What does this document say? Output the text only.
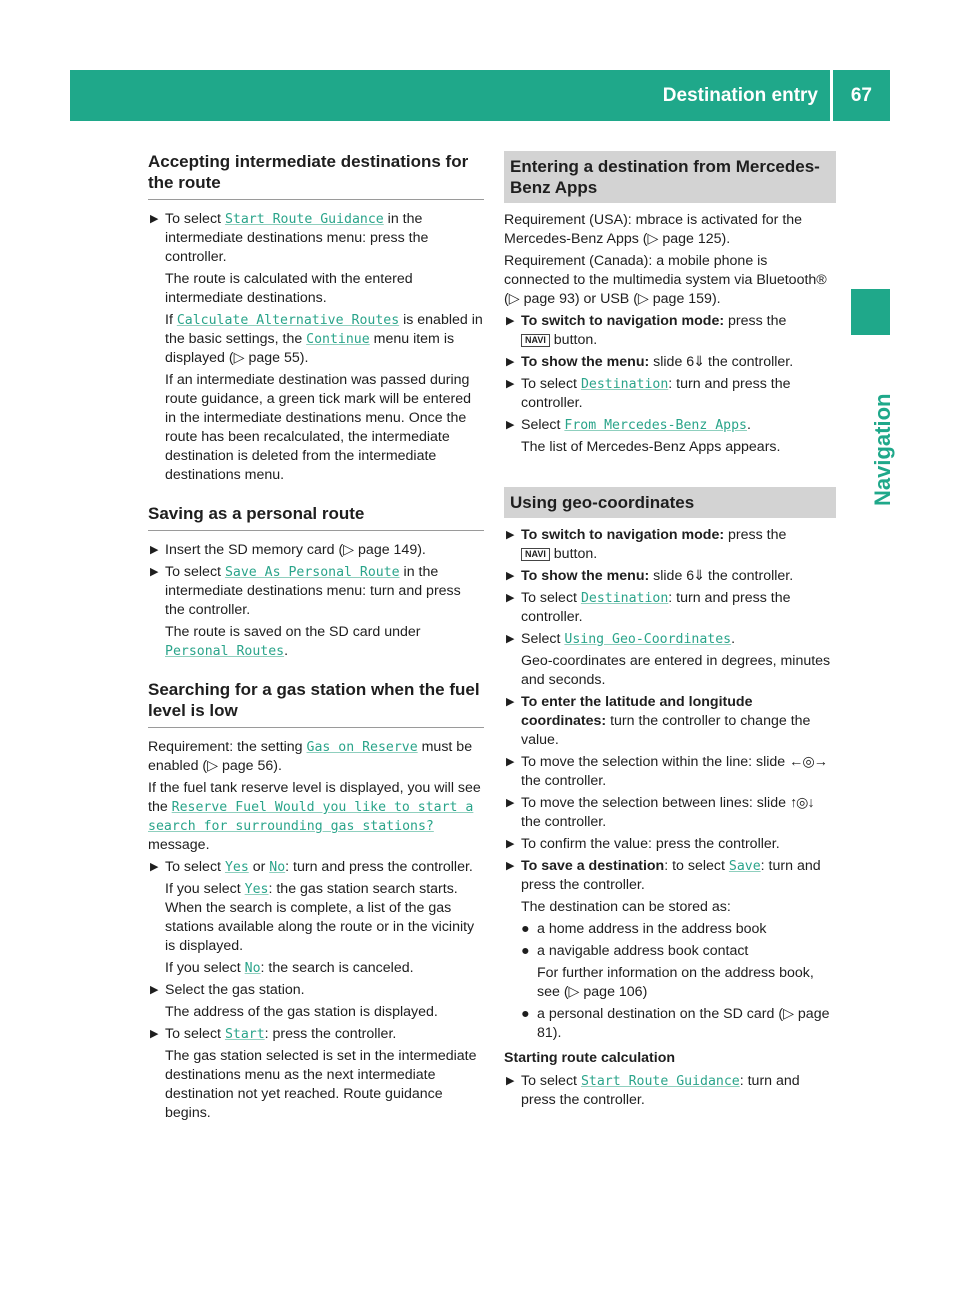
Destination entry 67
Navigation
Accepting intermediate destinations for the route
▶ To select Start Route Guidance in the intermediate destinations menu: press the controller.

The route is calculated with the entered intermediate destinations.

If Calculate Alternative Routes is enabled in the basic settings, the Continue menu item is displayed (▷ page 55).

If an intermediate destination was passed during route guidance, a green tick mark will be entered in the intermediate destinations menu. Once the route has been recalculated, the intermediate destination is deleted from the intermediate destinations menu.

Saving as a personal route
▶ Insert the SD memory card (▷ page 149).
▶ To select Save As Personal Route in the intermediate destinations menu: turn and press the controller.

The route is saved on the SD card under Personal Routes.

Searching for a gas station when the fuel level is low

Requirement: the setting Gas on Reserve must be enabled (▷ page 56).

If the fuel tank reserve level is displayed, you will see the Reserve Fuel Would you like to start a search for surrounding gas stations? message.

▶ To select Yes or No: turn and press the controller.

If you select Yes: the gas station search starts. When the search is complete, a list of the gas stations available along the route or in the vicinity is displayed.

If you select No: the search is canceled.

▶ Select the gas station.

The address of the gas station is displayed.

▶ To select Start: press the controller.

The gas station selected is set in the intermediate destinations menu as the next intermediate destination not yet reached. Route guidance begins.

Entering a destination from Mercedes-Benz Apps

Requirement (USA): mbrace is activated for the Mercedes-Benz Apps (▷ page 125).

Requirement (Canada): a mobile phone is connected to the multimedia system via Bluetooth® (▷ page 93) or USB (▷ page 159).

▶ To switch to navigation mode: press the
NAVI button.
▶ To show the menu: slide 6⇓ the controller.
▶ To select Destination: turn and press the controller.
▶ Select From Mercedes-Benz Apps.

The list of Mercedes-Benz Apps appears.

Using geo-coordinates
▶ To switch to navigation mode: press the
NAVI button.
▶ To show the menu: slide 6⇓ the controller.
▶ To select Destination: turn and press the controller.
▶ Select Using Geo-Coordinates.

Geo-coordinates are entered in degrees, minutes and seconds.

▶ To enter the latitude and longitude coordinates: turn the controller to change the value.
▶ To move the selection within the line: slide ←◎→ the controller.
▶ To move the selection between lines: slide ↑◎↓ the controller.
▶ To confirm the value: press the controller.
▶ To save a destination: to select Save: turn and press the controller.

The destination can be stored as:

● a home address in the address book
● a navigable address book contact

For further information on the address book, see (▷ page 106)

● a personal destination on the SD card (▷ page 81).

Starting route calculation

▶ To select Start Route Guidance: turn and press the controller.
